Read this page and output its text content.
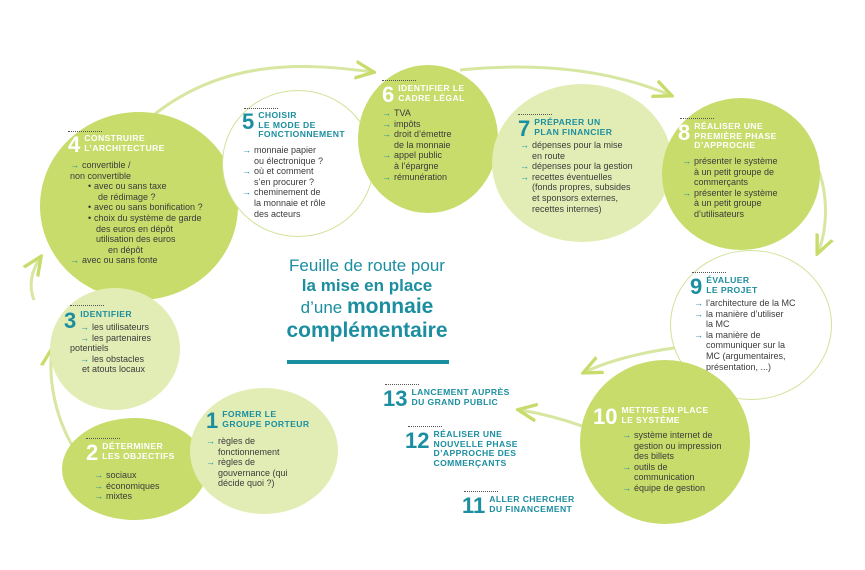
4 CONSTRUIRE
L’ARCHITECTURE
→ convertible /
non convertible
• avec ou sans taxe
de rédimage ?
• avec ou sans bonification ?
• choix du système de garde
des euros en dépôt
utilisation des euros
en dépôt
→ avec ou sans fonte
5 CHOISIR
LE MODE DE
FONCTIONNEMENT
→ monnaie papier
ou électronique ?
→ où et comment
s’en procurer ?
→ cheminement de
la monnaie et rôle
des acteurs
6 IDENTIFIER LE
CADRE LÉGAL
→ TVA
→ impôts
→ droit d’émettre
de la monnaie
→ appel public
à l’épargne
→ rémunération
7 PRÉPARER UN
PLAN FINANCIER
→ dépenses pour la mise
en route
→ dépenses pour la gestion
→ recettes éventuelles
(fonds propres, subsides
et sponsors externes,
recettes internes)
8 RÉALISER UNE
PREMIÈRE PHASE
D’APPROCHE
→ présenter le système
à un petit groupe de
commerçants
→ présenter le système
à un petit groupe
d’utilisateurs
3 IDENTIFIER
→ les utilisateurs
→ les partenaires
potentiels
→ les obstacles
et atouts locaux
2 DÉTERMINER
LES OBJECTIFS
→ sociaux
→ économiques
→ mixtes
1 FORMER LE
GROUPE PORTEUR
→ règles de
fonctionnement
→ règles de
gouvernance (qui
décide quoi ?)
9 ÉVALUER
LE PROJET
→ l’architecture de la MC
→ la manière d’utiliser
la MC
→ la manière de
communiquer sur la
MC (argumentaires,
présentation, ...)
10 METTRE EN PLACE
LE SYSTÈME
→ système internet de
gestion ou impression
des billets
→ outils de
communication
→ équipe de gestion
13 LANCEMENT AUPRÈS
DU GRAND PUBLIC
12 RÉALISER UNE
NOUVELLE PHASE
D’APPROCHE DES
COMMERÇANTS
11 ALLER CHERCHER
DU FINANCEMENT
Feuille de route pour
la mise en place
d’une monnaie
complémentaire
